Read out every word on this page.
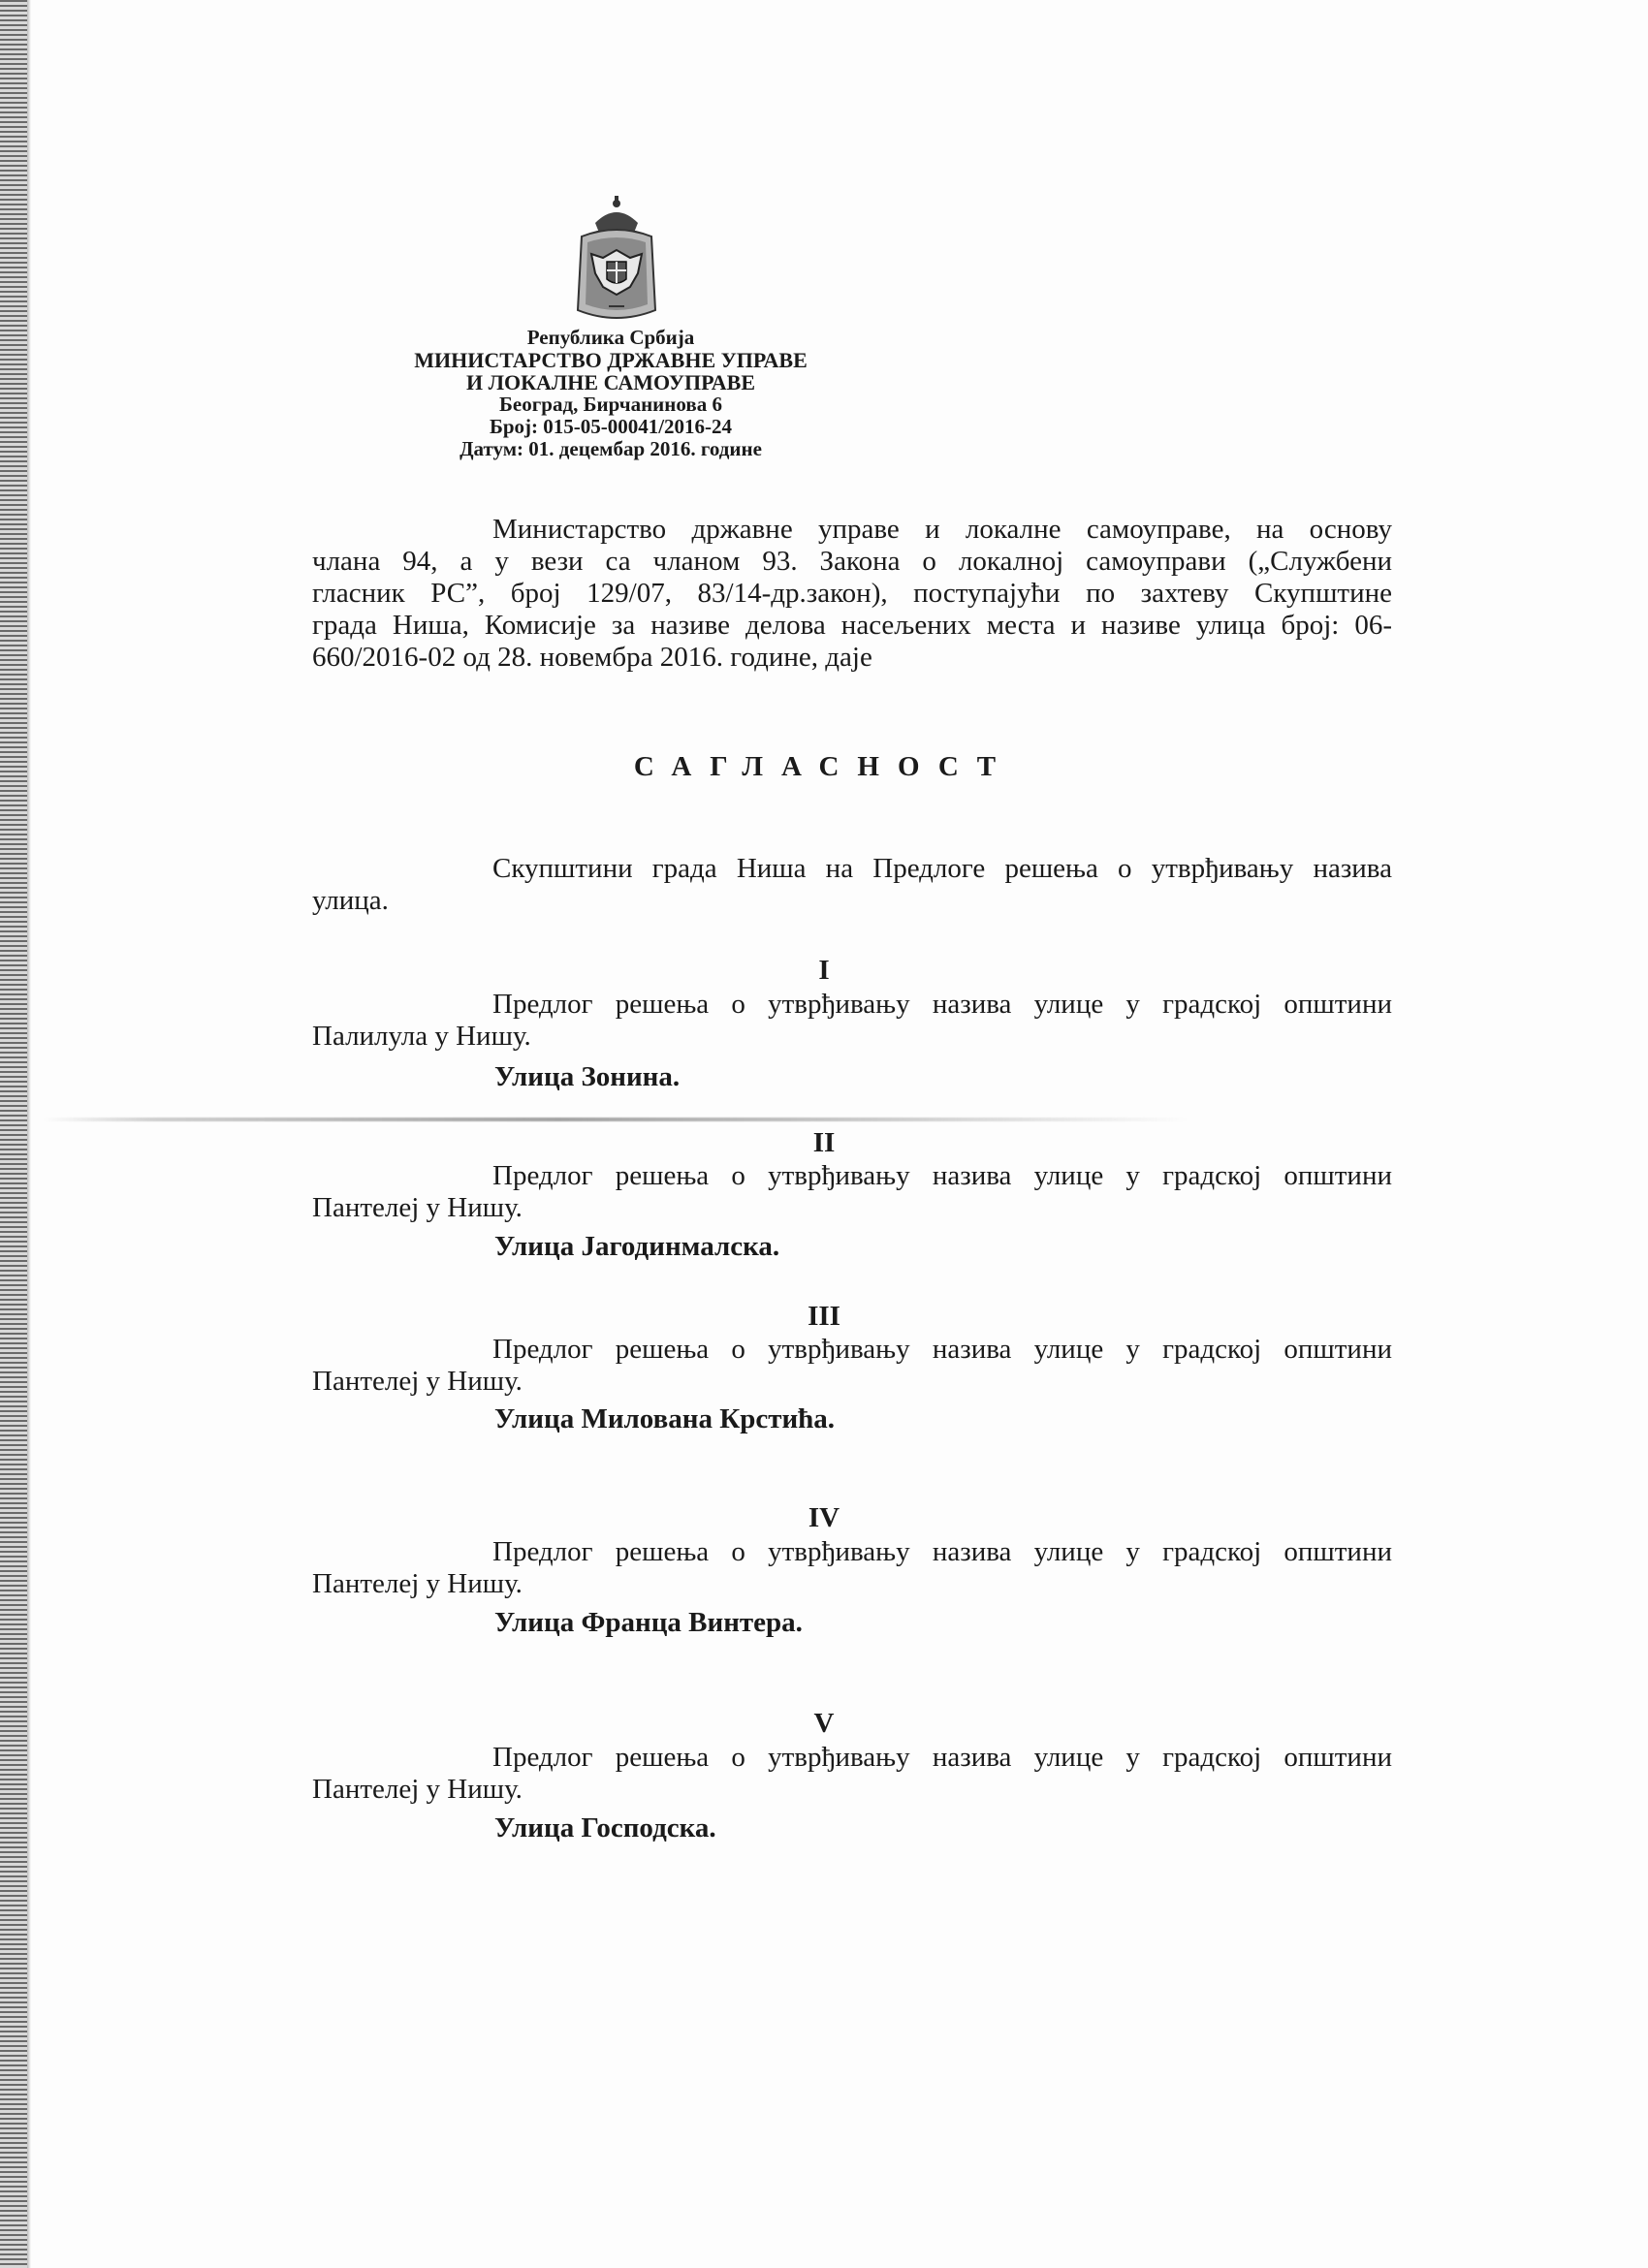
Република Србија
МИНИСТАРСТВО ДРЖАВНЕ УПРАВЕ
И ЛОКАЛНЕ САМОУПРАВЕ
Београд, Бирчанинова 6
Број: 015-05-00041/2016-24
Датум: 01. децембар 2016. године
Министарство државне управе и локалне самоуправе, на основу
члана 94, а у вези са чланом 93. Закона о локалној самоуправи („Службени
гласник РС”, број 129/07, 83/14-др.закон), поступајући по захтеву Скупштине
града Ниша, Комисије за називе делова насељених места и називе улица број: 06-
660/2016-02 од 28. новембра 2016. године, даје
САГЛАСНОСТ
Скупштини града Ниша на Предлоге решења о утврђивању назива
улица.
I
Предлог решења о утврђивању назива улице у градској општини
Палилула у Нишу.
Улица Зонина.
II
Предлог решења о утврђивању назива улице у градској општини
Пантелеј у Нишу.
Улица Јагодинмалска.
III
Предлог решења о утврђивању назива улице у градској општини
Пантелеј у Нишу.
Улица Милована Крстића.
IV
Предлог решења о утврђивању назива улице у градској општини
Пантелеј у Нишу.
Улица Франца Винтера.
V
Предлог решења о утврђивању назива улице у градској општини
Пантелеј у Нишу.
Улица Господска.
